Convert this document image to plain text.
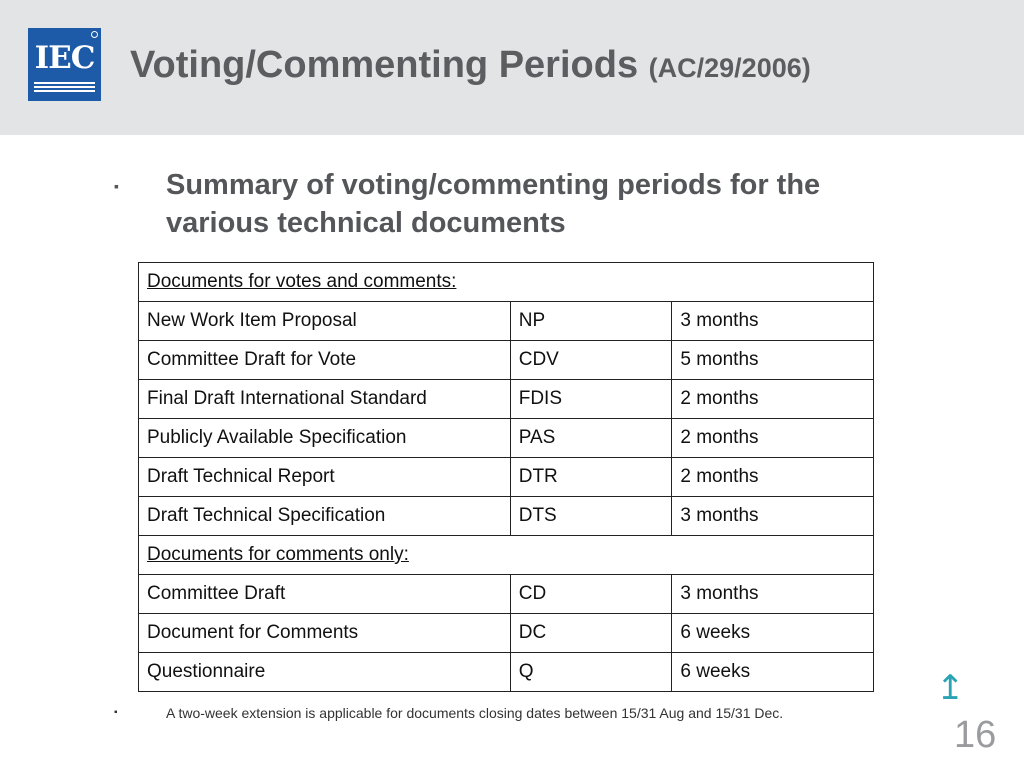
IEC Voting/Commenting Periods (AC/29/2006)
▪ Summary of voting/commenting periods for the various technical documents
Documents for votes and comments:		
New Work Item Proposal	NP	3 months
Committee Draft for Vote	CDV	5 months
Final Draft International Standard	FDIS	2 months
Publicly Available Specification	PAS	2 months
Draft Technical Report	DTR	2 months
Draft Technical Specification	DTS	3 months
Documents for comments only:		
Committee Draft	CD	3 months
Document for Comments	DC	6 weeks
Questionnaire	Q	6 weeks
▪	A two-week extension is applicable for documents closing dates between 15/31 Aug and 15/31 Dec.
↥
16
